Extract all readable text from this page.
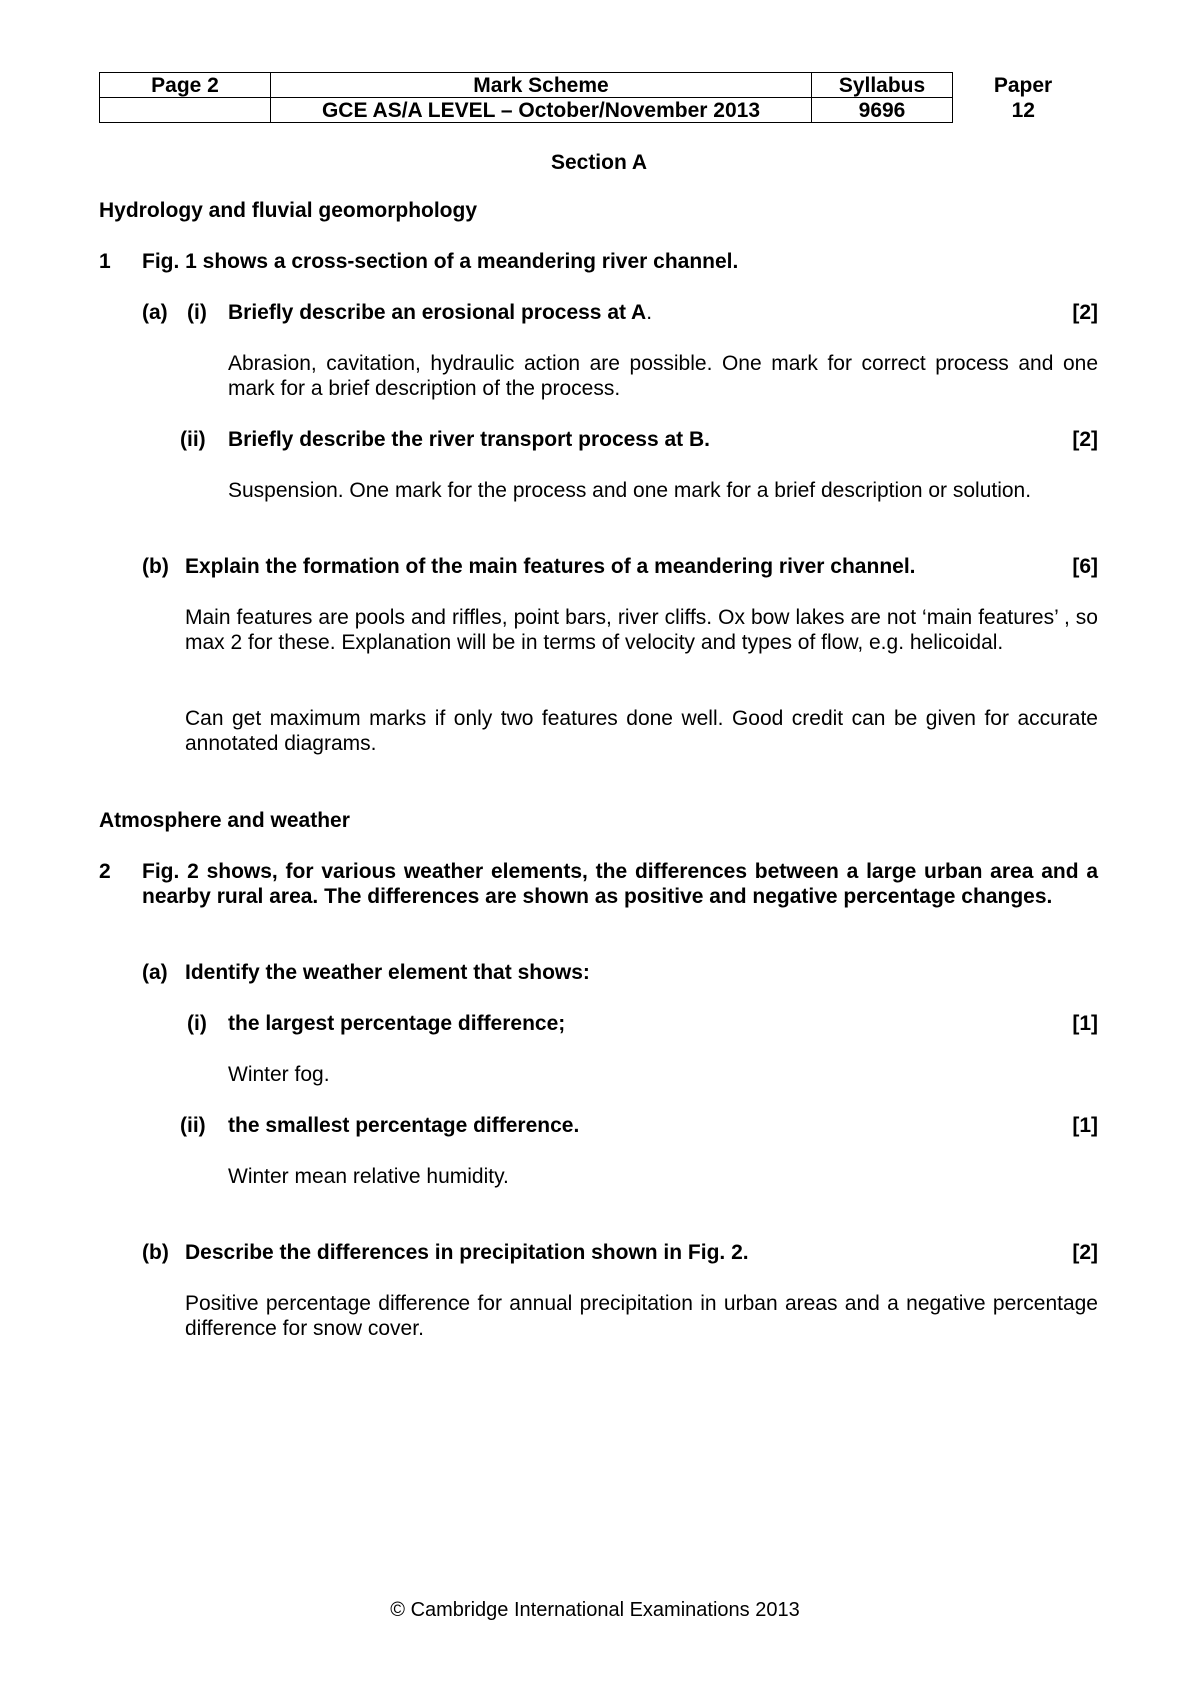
Page 2	Mark Scheme	Syllabus	Paper
	GCE AS/A LEVEL – October/November 2013	9696	12
Section A
Hydrology and fluvial geomorphology
1 Fig. 1 shows a cross-section of a meandering river channel.
(a) (i) Briefly describe an erosional process at A.	[2]
Abrasion, cavitation, hydraulic action are possible. One mark for correct process and one mark for a brief description of the process.
(ii) Briefly describe the river transport process at B.	[2]
Suspension. One mark for the process and one mark for a brief description or solution.
(b) Explain the formation of the main features of a meandering river channel.	[6]
Main features are pools and riffles, point bars, river cliffs. Ox bow lakes are not ‘main features’ , so max 2 for these. Explanation will be in terms of velocity and types of flow, e.g. helicoidal.
Can get maximum marks if only two features done well. Good credit can be given for accurate annotated diagrams.
Atmosphere and weather
2 Fig. 2 shows, for various weather elements, the differences between a large urban area and a nearby rural area. The differences are shown as positive and negative percentage changes.
(a) Identify the weather element that shows:
(i) the largest percentage difference;	[1]
Winter fog.
(ii) the smallest percentage difference.	[1]
Winter mean relative humidity.
(b) Describe the differences in precipitation shown in Fig. 2.	[2]
Positive percentage difference for annual precipitation in urban areas and a negative percentage difference for snow cover.
© Cambridge International Examinations 2013
